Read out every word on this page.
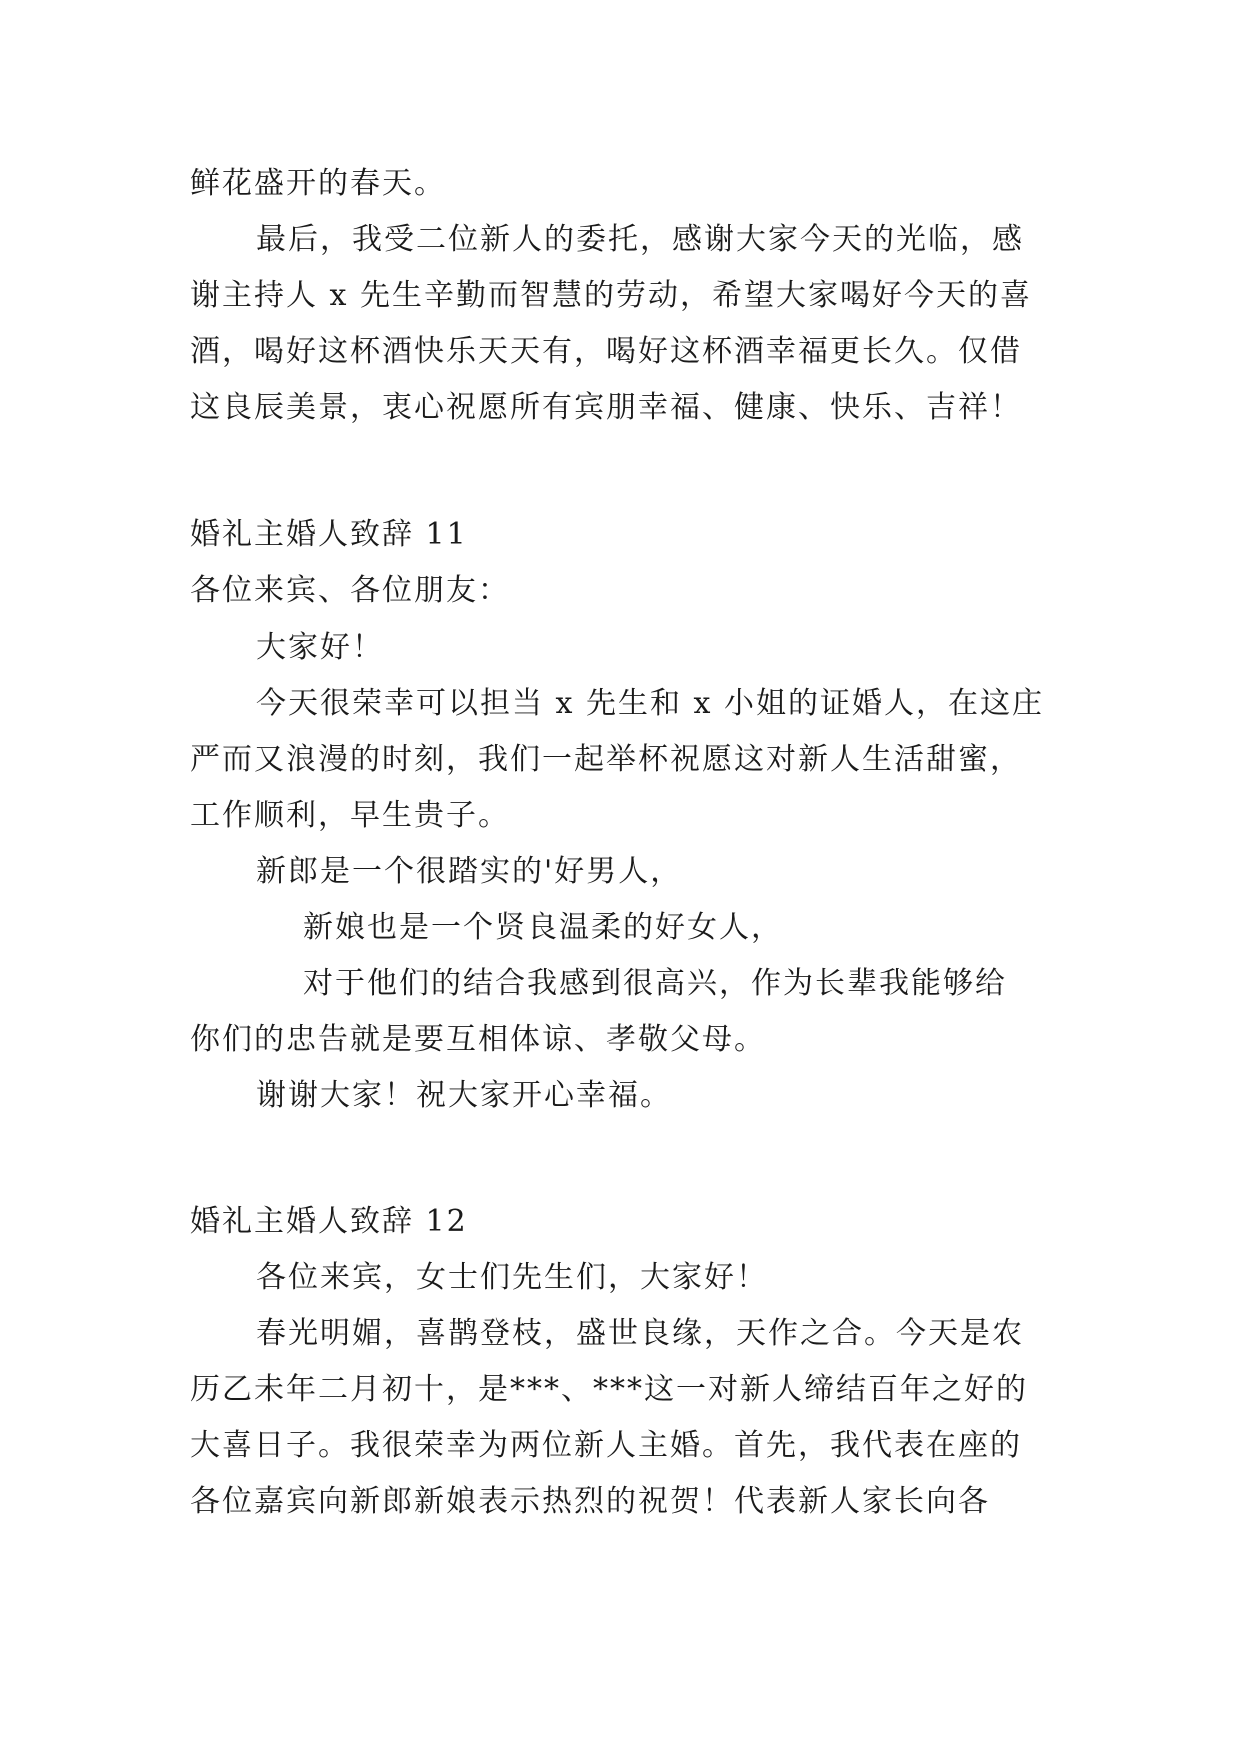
鲜花盛开的春天。
最后，我受二位新人的委托，感谢大家今天的光临，感
谢主持人 x 先生辛勤而智慧的劳动，希望大家喝好今天的喜
酒，喝好这杯酒快乐天天有，喝好这杯酒幸福更长久。仅借
这良辰美景，衷心祝愿所有宾朋幸福、健康、快乐、吉祥！
婚礼主婚人致辞 11
各位来宾、各位朋友：
大家好！
今天很荣幸可以担当 x 先生和 x 小姐的证婚人，在这庄
严而又浪漫的时刻，我们一起举杯祝愿这对新人生活甜蜜，
工作顺利，早生贵子。
新郎是一个很踏实的'好男人，
新娘也是一个贤良温柔的好女人，
对于他们的结合我感到很高兴，作为长辈我能够给
你们的忠告就是要互相体谅、孝敬父母。
谢谢大家！祝大家开心幸福。
婚礼主婚人致辞 12
各位来宾，女士们先生们，大家好！
春光明媚，喜鹊登枝，盛世良缘，天作之合。今天是农
历乙未年二月初十，是***、***这一对新人缔结百年之好的
大喜日子。我很荣幸为两位新人主婚。首先，我代表在座的
各位嘉宾向新郎新娘表示热烈的祝贺！代表新人家长向各
